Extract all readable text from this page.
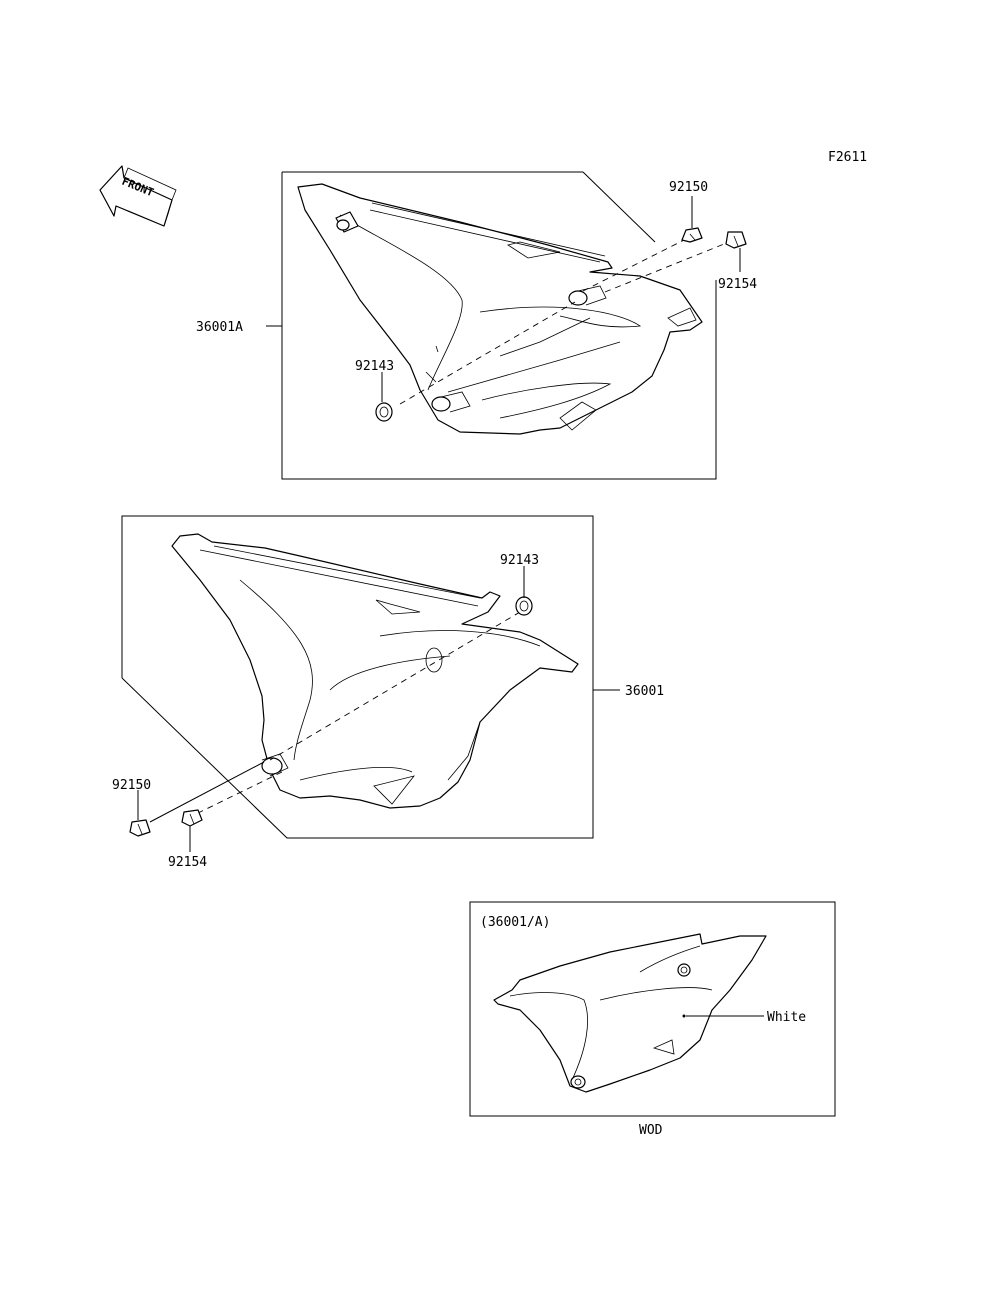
F2611
FRONT
36001A
92150
92154
92143
36001
92143
92150
92154
(36001/A)
White
WOD
